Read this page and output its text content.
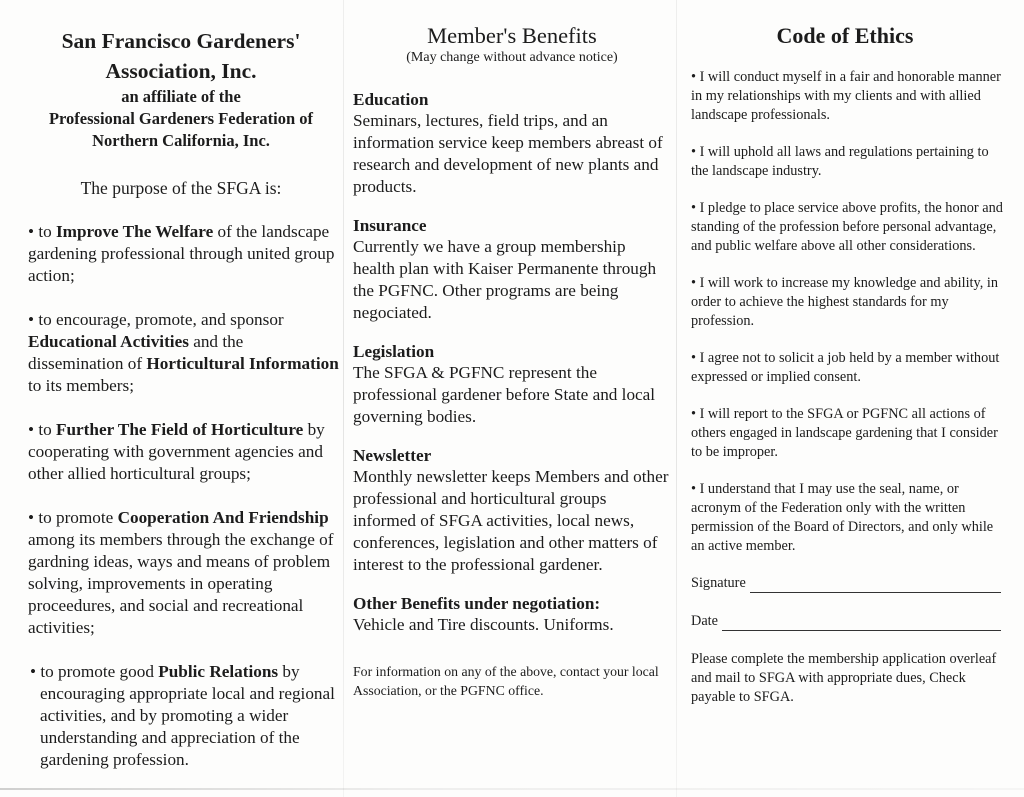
San Francisco Gardeners'
Association, Inc.
an affiliate of the
Professional Gardeners Federation of
Northern California, Inc.
The purpose of the SFGA is:

• to Improve The Welfare of the landscape gardening professional through united group action;

• to encourage, promote, and sponsor Educational Activities and the dissemination of Horticultural Information to its members;

• to Further The Field of Horticulture by cooperating with government agencies and other allied horticultural groups;

• to promote Cooperation And Friendship among its members through the exchange of gardning ideas, ways and means of problem solving, improvements in operating proceedures, and social and recreational activities;

• to promote good Public Relations by encouraging appropriate local and regional activities, and by promoting a wider understanding and appreciation of the gardening profession.

Member's Benefits
(May change without advance notice)
Education
Seminars, lectures, field trips, and an information service keep members abreast of research and development of new plants and products.
Insurance
Currently we have a group membership health plan with Kaiser Permanente through the PGFNC. Other programs are being negociated.
Legislation
The SFGA & PGFNC represent the professional gardener before State and local governing bodies.
Newsletter
Monthly newsletter keeps Members and other professional and horticultural groups informed of SFGA activities, local news, conferences, legislation and other matters of interest to the professional gardener.
Other Benefits under negotiation:
Vehicle and Tire discounts. Uniforms.
For information on any of the above, contact your local Association, or the PGFNC office.
Code of Ethics

• I will conduct myself in a fair and honorable manner in my relationships with my clients and with allied landscape professionals.

• I will uphold all laws and regulations pertaining to the landscape industry.

• I pledge to place service above profits, the honor and standing of the profession before personal advantage, and public welfare above all other considerations.

• I will work to increase my knowledge and ability, in order to achieve the highest standards for my profession.

• I agree not to solicit a job held by a member without expressed or implied consent.

• I will report to the SFGA or PGFNC all actions of others engaged in landscape gardening that I consider to be improper.

• I understand that I may use the seal, name, or acronym of the Federation only with the written permission of the Board of Directors, and only while an active member.

Signature
Date

Please complete the membership application overleaf and mail to SFGA with appropriate dues, Check payable to SFGA.
